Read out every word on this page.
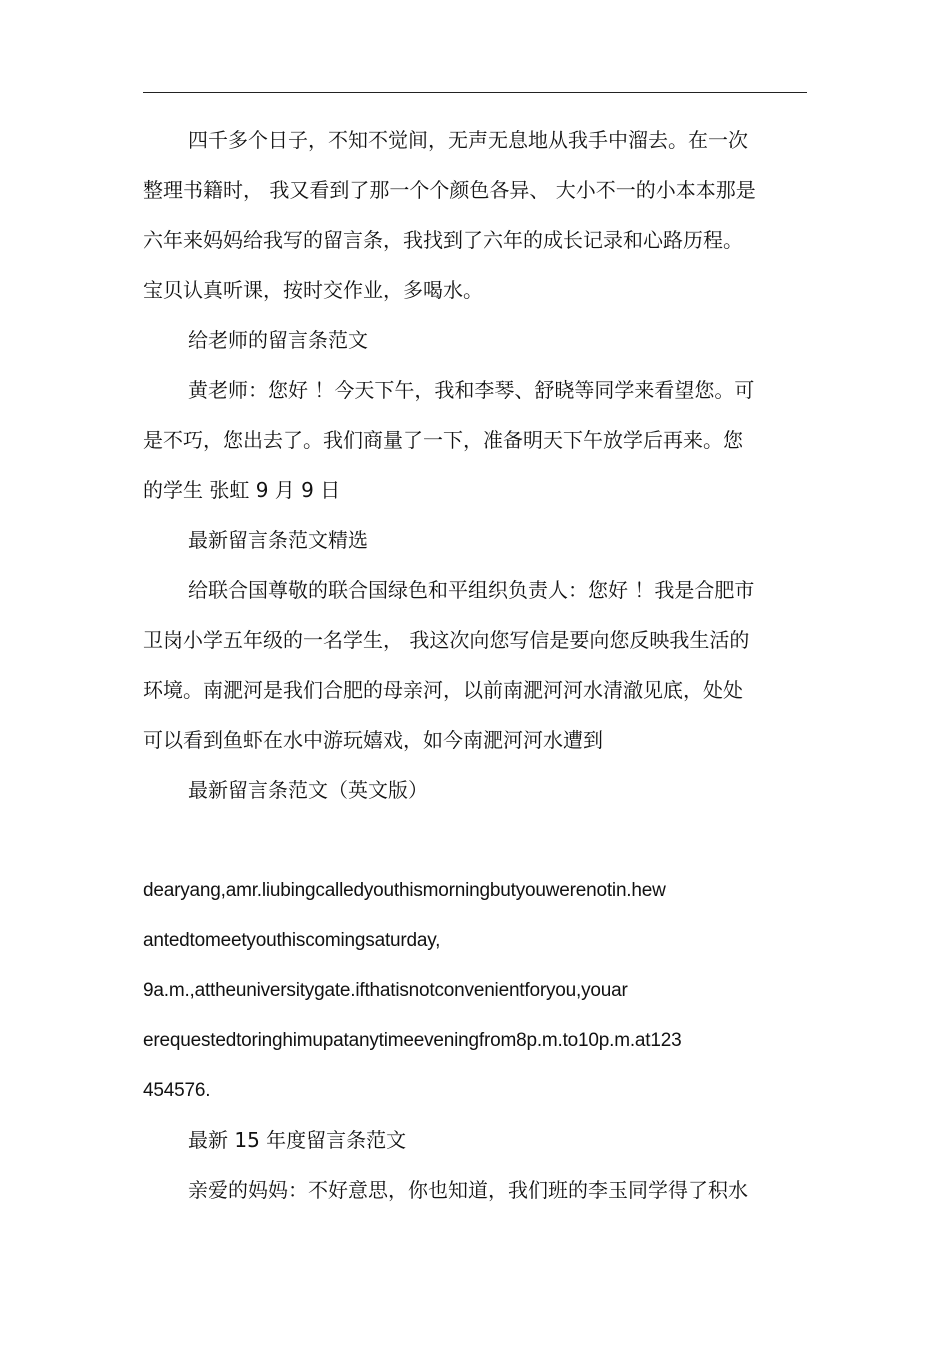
四千多个日子，不知不觉间，无声无息地从我手中溜去。在一次
整理书籍时， 我又看到了那一个个颜色各异、 大小不一的小本本那是
六年来妈妈给我写的留言条，我找到了六年的成长记录和心路历程。
宝贝认真听课，按时交作业，多喝水。
给老师的留言条范文
黄老师：您好 ！今天下午，我和李琴、舒晓等同学来看望您。可
是不巧，您出去了。我们商量了一下，准备明天下午放学后再来。您
的学生 张虹 9 月 9 日
最新留言条范文精选
给联合国尊敬的联合国绿色和平组织负责人：您好 ！我是合肥市
卫岗小学五年级的一名学生， 我这次向您写信是要向您反映我生活的
环境。南淝河是我们合肥的母亲河，以前南淝河河水清澈见底，处处
可以看到鱼虾在水中游玩嬉戏，如今南淝河河水遭到
最新留言条范文（英文版）
dearyang,amr.liubingcalledyouthismorningbutyouwerenotin.hew
antedtomeetyouthiscomingsaturday,
9a.m.,attheuniversitygate.ifthatisnotconvenientforyou,youar
erequestedtoringhimupatanytimeeveningfrom8p.m.to10p.m.at123
454576.
最新 15 年度留言条范文
亲爱的妈妈：不好意思，你也知道，我们班的李玉同学得了积水
